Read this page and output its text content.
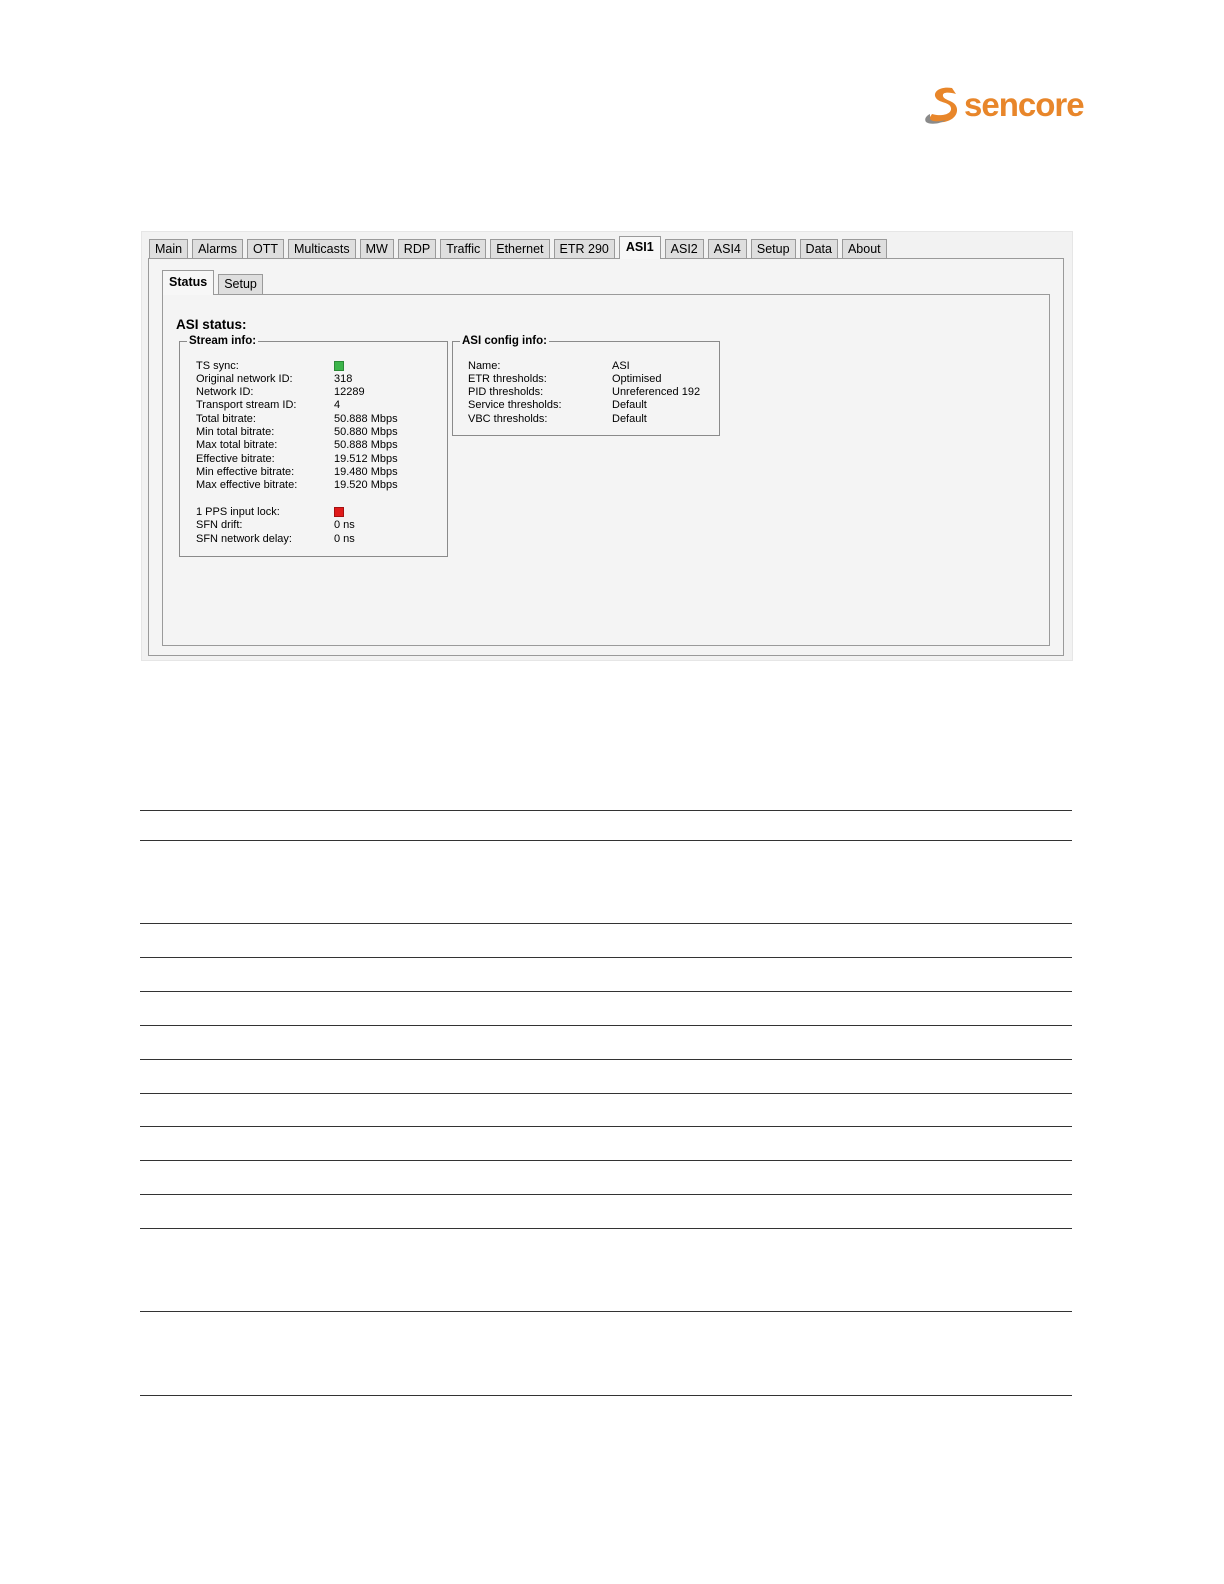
sencore
Main	Alarms	OTT	Multicasts	MW	RDP	Traffic	Ethernet	ETR 290	ASI1	ASI2	ASI4	Setup	Data	About
ASI status:
Stream info:
TS sync:
Original network ID:	318
Network ID:	12289
Transport stream ID:	4
Total bitrate:	50.888 Mbps
Min total bitrate:	50.880 Mbps
Max total bitrate:	50.888 Mbps
Effective bitrate:	19.512 Mbps
Min effective bitrate:	19.480 Mbps
Max effective bitrate:	19.520 Mbps
1 PPS input lock:
SFN drift:	0 ns
SFN network delay:	0 ns
ASI config info:
Name:	ASI
ETR thresholds:	Optimised
PID thresholds:	Unreferenced 192
Service thresholds:	Default
VBC thresholds:	Default
Status	Setup
